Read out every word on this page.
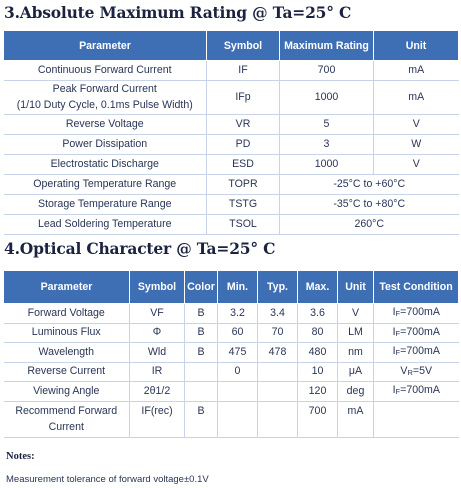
3.Absolute Maximum Rating @ Ta=25° C
Parameter	Symbol	Maximum Rating	Unit
Continuous Forward Current	IF	700	mA

Peak Forward Current
(1/10 Duty Cycle, 0.1ms Pulse Width)	IFp	1000	mA
Reverse Voltage	VR	5	V
Power Dissipation	PD	3	W
Electrostatic Discharge	ESD	1000	V
Operating Temperature Range	TOPR	-25°C to +60°C	
Storage Temperature Range	TSTG	-35°C to +80°C	
Lead Soldering Temperature	TSOL	260°C	
4.Optical Character @ Ta=25° C
Parameter	Symbol	Color	Min.	Typ.	Max.	Unit	Test Condition

Forward Voltage	VF	B	3.2	3.4	3.6	V	IF=700mA

Luminous Flux	Φ	B	60	70	80	LM	IF=700mA

Wavelength	Wld	B	475	478	480	nm	IF=700mA

Reverse Current	IR		0		10	μA	VR=5V

Viewing Angle	2θ1/2				120	deg	IF=700mA

Recommend Forward
Current	IF(rec)	B			700	mA	
Notes:
Measurement tolerance of forward voltage±0.1V
